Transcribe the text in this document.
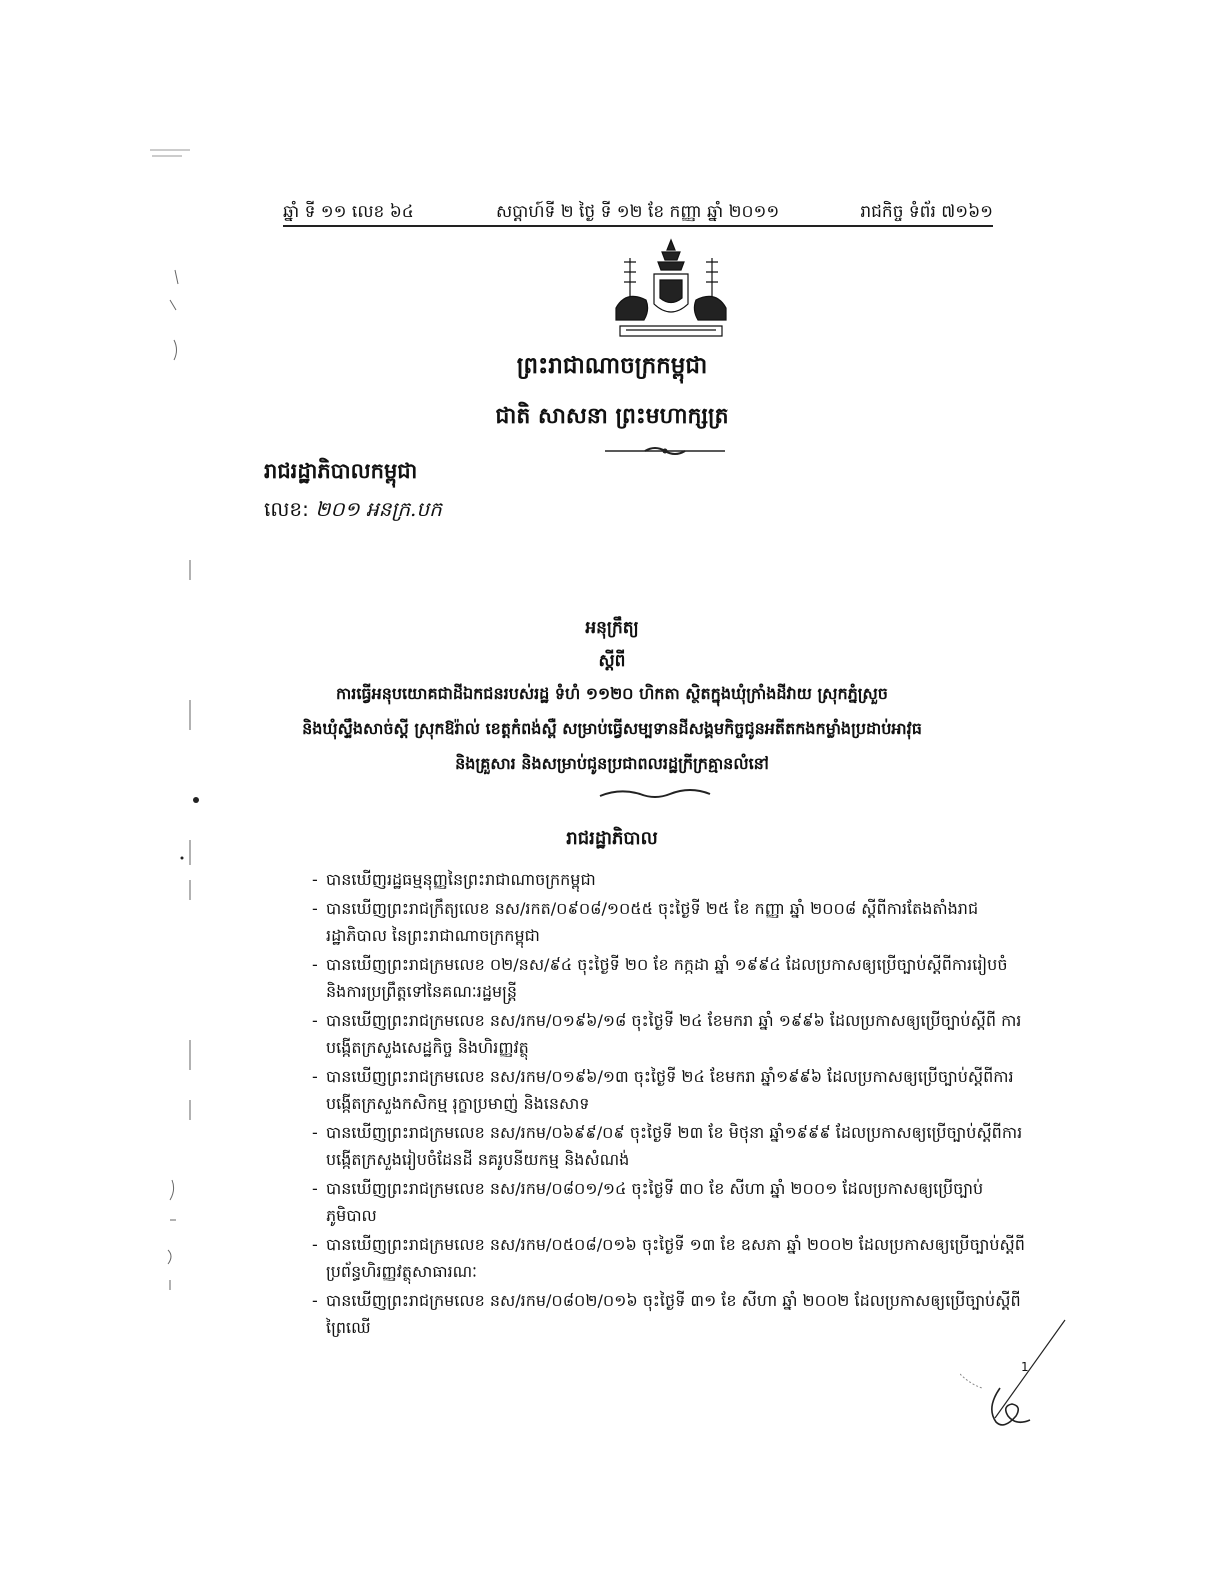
ឆ្នាំ ទី ១១ លេខ ៦៤	សប្តាហ៍ទី ២ ថ្ងៃ ទី ១២ ខែ កញ្ញា ឆ្នាំ ២០១១	រាជកិច្ច ទំព័រ ៧១៦១
ព្រះរាជាណាចក្រកម្ពុជា
ជាតិ សាសនា ព្រះមហាក្សត្រ
រាជរដ្ឋាភិបាលកម្ពុជា
លេខ: ២០១ អនក្រ.បក
អនុក្រឹត្យ
ស្តីពី
ការធ្វើអនុបយោគជាដីឯកជនរបស់រដ្ឋ ទំហំ ១១២០ ហិកតា ស្ថិតក្នុងឃុំក្រាំងដីវាយ ស្រុកភ្នំស្រួច
និងឃុំស្ទឹងសាច់ស្តី ស្រុកឱរ៉ាល់ ខេត្តកំពង់ស្ពឺ សម្រាប់ធ្វើសម្បទានដីសង្គមកិច្ចជូនអតីតកងកម្លាំងប្រដាប់អាវុធ
និងគ្រួសារ និងសម្រាប់ជូនប្រជាពលរដ្ឋក្រីក្រគ្មានលំនៅ
រាជរដ្ឋាភិបាល
- បានឃើញរដ្ឋធម្មនុញ្ញនៃព្រះរាជាណាចក្រកម្ពុជា
- បានឃើញព្រះរាជក្រឹត្យលេខ នស/រកត/០៩០៨/១០៥៥ ចុះថ្ងៃទី ២៥ ខែ កញ្ញា ឆ្នាំ ២០០៨ ស្តីពីការតែងតាំងរាជរដ្ឋាភិបាល នៃព្រះរាជាណាចក្រកម្ពុជា
- បានឃើញព្រះរាជក្រមលេខ ០២/នស/៩៤ ចុះថ្ងៃទី ២០ ខែ កក្កដា ឆ្នាំ ១៩៩៤ ដែលប្រកាសឲ្យប្រើច្បាប់ស្តីពីការរៀបចំ និងការប្រព្រឹត្តទៅនៃគណៈរដ្ឋមន្ត្រី
- បានឃើញព្រះរាជក្រមលេខ នស/រកម/០១៩៦/១៨ ចុះថ្ងៃទី ២៤ ខែមករា ឆ្នាំ ១៩៩៦ ដែលប្រកាសឲ្យប្រើច្បាប់ស្តីពី ការបង្កើតក្រសួងសេដ្ឋកិច្ច និងហិរញ្ញវត្ថុ
- បានឃើញព្រះរាជក្រមលេខ នស/រកម/០១៩៦/១៣ ចុះថ្ងៃទី ២៤ ខែមករា ឆ្នាំ១៩៩៦ ដែលប្រកាសឲ្យប្រើច្បាប់ស្តីពីការបង្កើតក្រសួងកសិកម្ម រុក្ខាប្រមាញ់ និងនេសាទ
- បានឃើញព្រះរាជក្រមលេខ នស/រកម/០៦៩៩/០៩ ចុះថ្ងៃទី ២៣ ខែ មិថុនា ឆ្នាំ១៩៩៩ ដែលប្រកាសឲ្យប្រើច្បាប់ស្តីពីការបង្កើតក្រសួងរៀបចំដែនដី នគរូបនីយកម្ម និងសំណង់
- បានឃើញព្រះរាជក្រមលេខ នស/រកម/០៨០១/១៤ ចុះថ្ងៃទី ៣០ ខែ សីហា ឆ្នាំ ២០០១ ដែលប្រកាសឲ្យប្រើច្បាប់ភូមិបាល
- បានឃើញព្រះរាជក្រមលេខ នស/រកម/០៥០៨/០១៦ ចុះថ្ងៃទី ១៣ ខែ ឧសភា ឆ្នាំ ២០០២ ដែលប្រកាសឲ្យប្រើច្បាប់ស្តីពីប្រព័ន្ធហិរញ្ញវត្ថុសាធារណៈ
- បានឃើញព្រះរាជក្រមលេខ នស/រកម/០៨០២/០១៦ ចុះថ្ងៃទី ៣១ ខែ សីហា ឆ្នាំ ២០០២ ដែលប្រកាសឲ្យប្រើច្បាប់ស្តីពីព្រៃឈើ
1
